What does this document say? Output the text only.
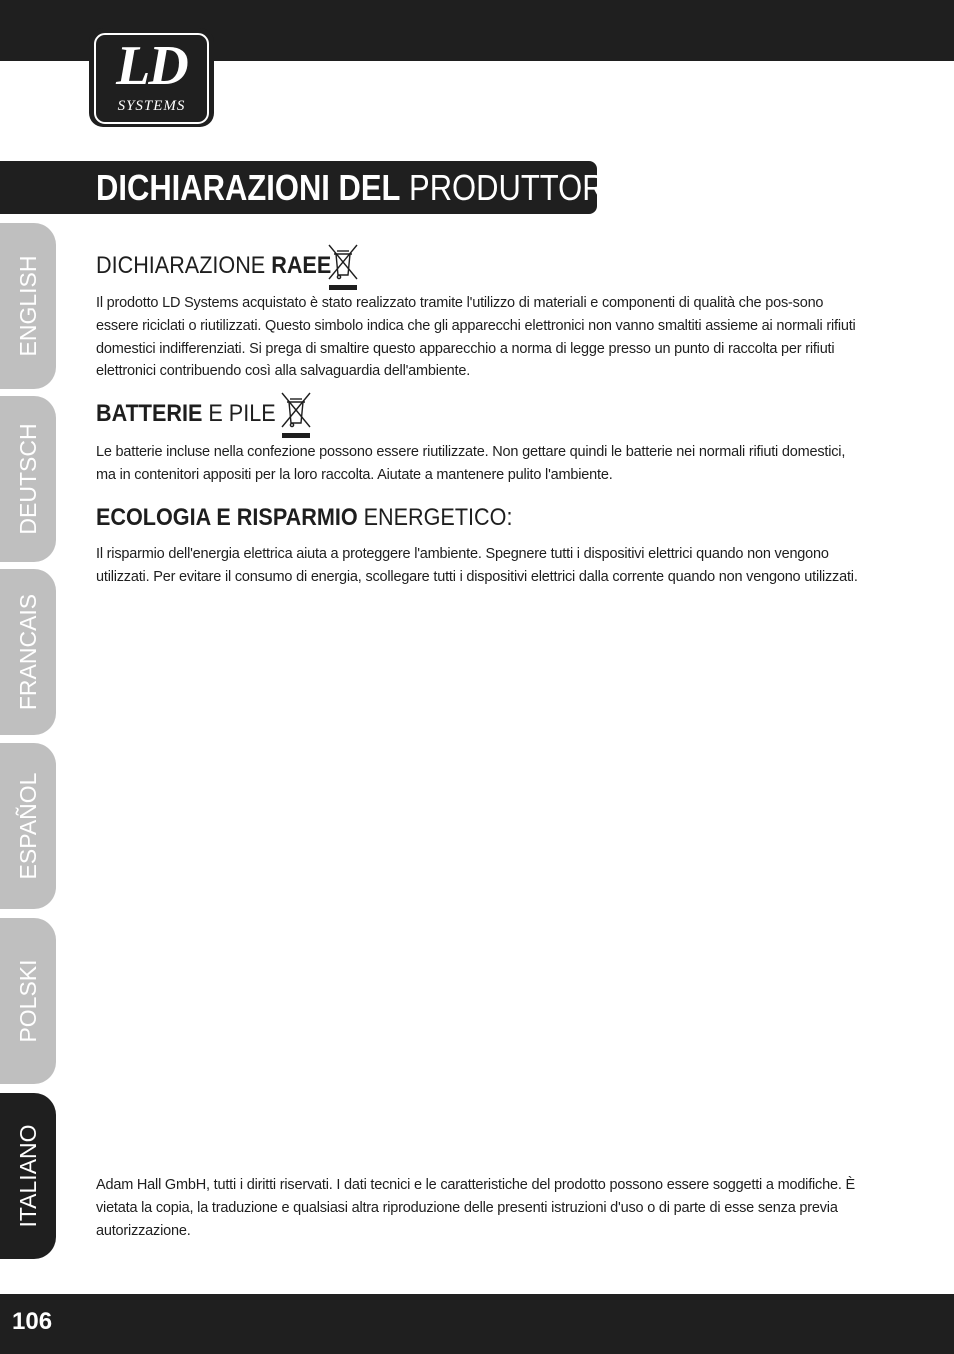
LD
SYSTEMS
DICHIARAZIONI DEL PRODUTTORE:
ENGLISH
DEUTSCH
FRANCAIS
ESPAÑOL
POLSKI
ITALIANO
DICHIARAZIONE RAEE

Il prodotto LD Systems acquistato è stato realizzato tramite l'utilizzo di materiali e componenti di qualità che pos-sono essere riciclati o riutilizzati. Questo simbolo indica che gli apparecchi elettronici non vanno smaltiti assieme ai normali rifiuti domestici indifferenziati. Si prega di smaltire questo apparecchio a norma di legge presso un punto di raccolta per rifiuti elettronici contribuendo così alla salvaguardia dell'ambiente.

BATTERIE E PILE

Le batterie incluse nella confezione possono essere riutilizzate. Non gettare quindi le batterie nei normali rifiuti domestici, ma in contenitori appositi per la loro raccolta. Aiutate a mantenere pulito l'ambiente.

ECOLOGIA E RISPARMIO ENERGETICO:

Il risparmio dell'energia elettrica aiuta a proteggere l'ambiente. Spegnere tutti i dispositivi elettrici quando non vengono utilizzati. Per evitare il consumo di energia, scollegare tutti i dispositivi elettrici dalla corrente quando non vengono utilizzati.

Adam Hall GmbH, tutti i diritti riservati. I dati tecnici e le caratteristiche del prodotto possono essere soggetti a modifiche. È vietata la copia, la traduzione e qualsiasi altra riproduzione delle presenti istruzioni d'uso o di parte di esse senza previa autorizzazione.

106
